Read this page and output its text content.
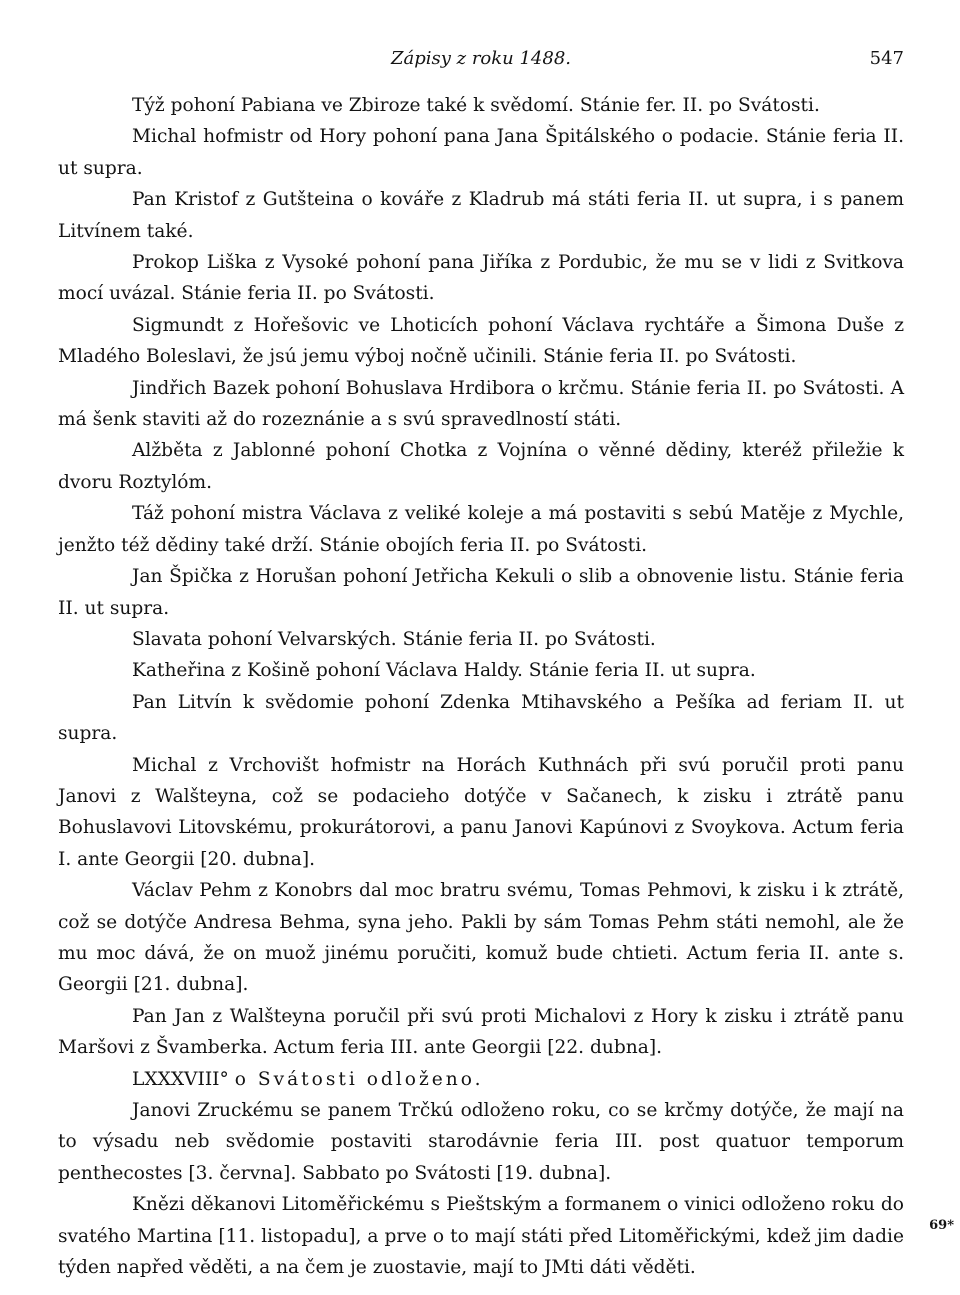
Zápisy z roku 1488.	547

Týž pohoní Pabiana ve Zbiroze také k svědomí. Stánie fer. II. po Svátosti.

Michal hofmistr od Hory pohoní pana Jana Špitálského o podacie. Stánie feria II. ut supra.

Pan Kristof z Gutšteina o kováře z Kladrub má státi feria II. ut supra, i s panem Litvínem také.

Prokop Liška z Vysoké pohoní pana Jiříka z Pordubic, že mu se v lidi z Svitkova mocí uvázal. Stánie feria II. po Svátosti.

Sigmundt z Hořešovic ve Lhoticích pohoní Václava rychtáře a Šimona Duše z Mladého Boleslavi, že jsú jemu výboj nočně učinili. Stánie feria II. po Svátosti.

Jindřich Bazek pohoní Bohuslava Hrdibora o krčmu. Stánie feria II. po Svátosti. A má šenk staviti až do rozeznánie a s svú spravedlností státi.

Alžběta z Jablonné pohoní Chotka z Vojnína o věnné dědiny, kteréž přiležie k dvoru Roztylóm.

Táž pohoní mistra Václava z veliké koleje a má postaviti s sebú Matěje z Mychle, jenžto též dědiny také drží. Stánie obojích feria II. po Svátosti.

Jan Špička z Horušan pohoní Jetřicha Kekuli o slib a obnovenie listu. Stánie feria II. ut supra.

Slavata pohoní Velvarských. Stánie feria II. po Svátosti.

Katheřina z Košině pohoní Václava Haldy. Stánie feria II. ut supra.

Pan Litvín k svědomie pohoní Zdenka Mtihavského a Pešíka ad feriam II. ut supra.

Michal z Vrchovišt hofmistr na Horách Kuthnách při svú poručil proti panu Janovi z Walšteyna, což se podacieho dotýče v Sačanech, k zisku i ztrátě panu Bohuslavovi Litovskému, prokurátorovi, a panu Janovi Kapúnovi z Svoykova. Actum feria I. ante Georgii [20. dubna].

Václav Pehm z Konobrs dal moc bratru svému, Tomas Pehmovi, k zisku i k ztrátě, což se dotýče Andresa Behma, syna jeho. Pakli by sám Tomas Pehm státi nemohl, ale že mu moc dává, že on muož jinému poručiti, komuž bude chtieti. Actum feria II. ante s. Georgii [21. dubna].

Pan Jan z Walšteyna poručil při svú proti Michalovi z Hory k zisku i ztrátě panu Maršovi z Švamberka. Actum feria III. ante Georgii [22. dubna].

LXXXVIII° o Svátosti odloženo.

Janovi Zruckému se panem Trčkú odloženo roku, co se krčmy dotýče, že mají na to výsadu neb svědomie postaviti starodávnie feria III. post quatuor temporum penthecostes [3. června]. Sabbato po Svátosti [19. dubna].

Knězi děkanovi Litoměřickému s Pieštským a formanem o vinici odloženo roku do svatého Martina [11. listopadu], a prve o to mají státi před Litoměřickými, kdež jim dadie týden napřed věděti, a na čem je zuostavie, mají to JMti dáti věděti.

69*
